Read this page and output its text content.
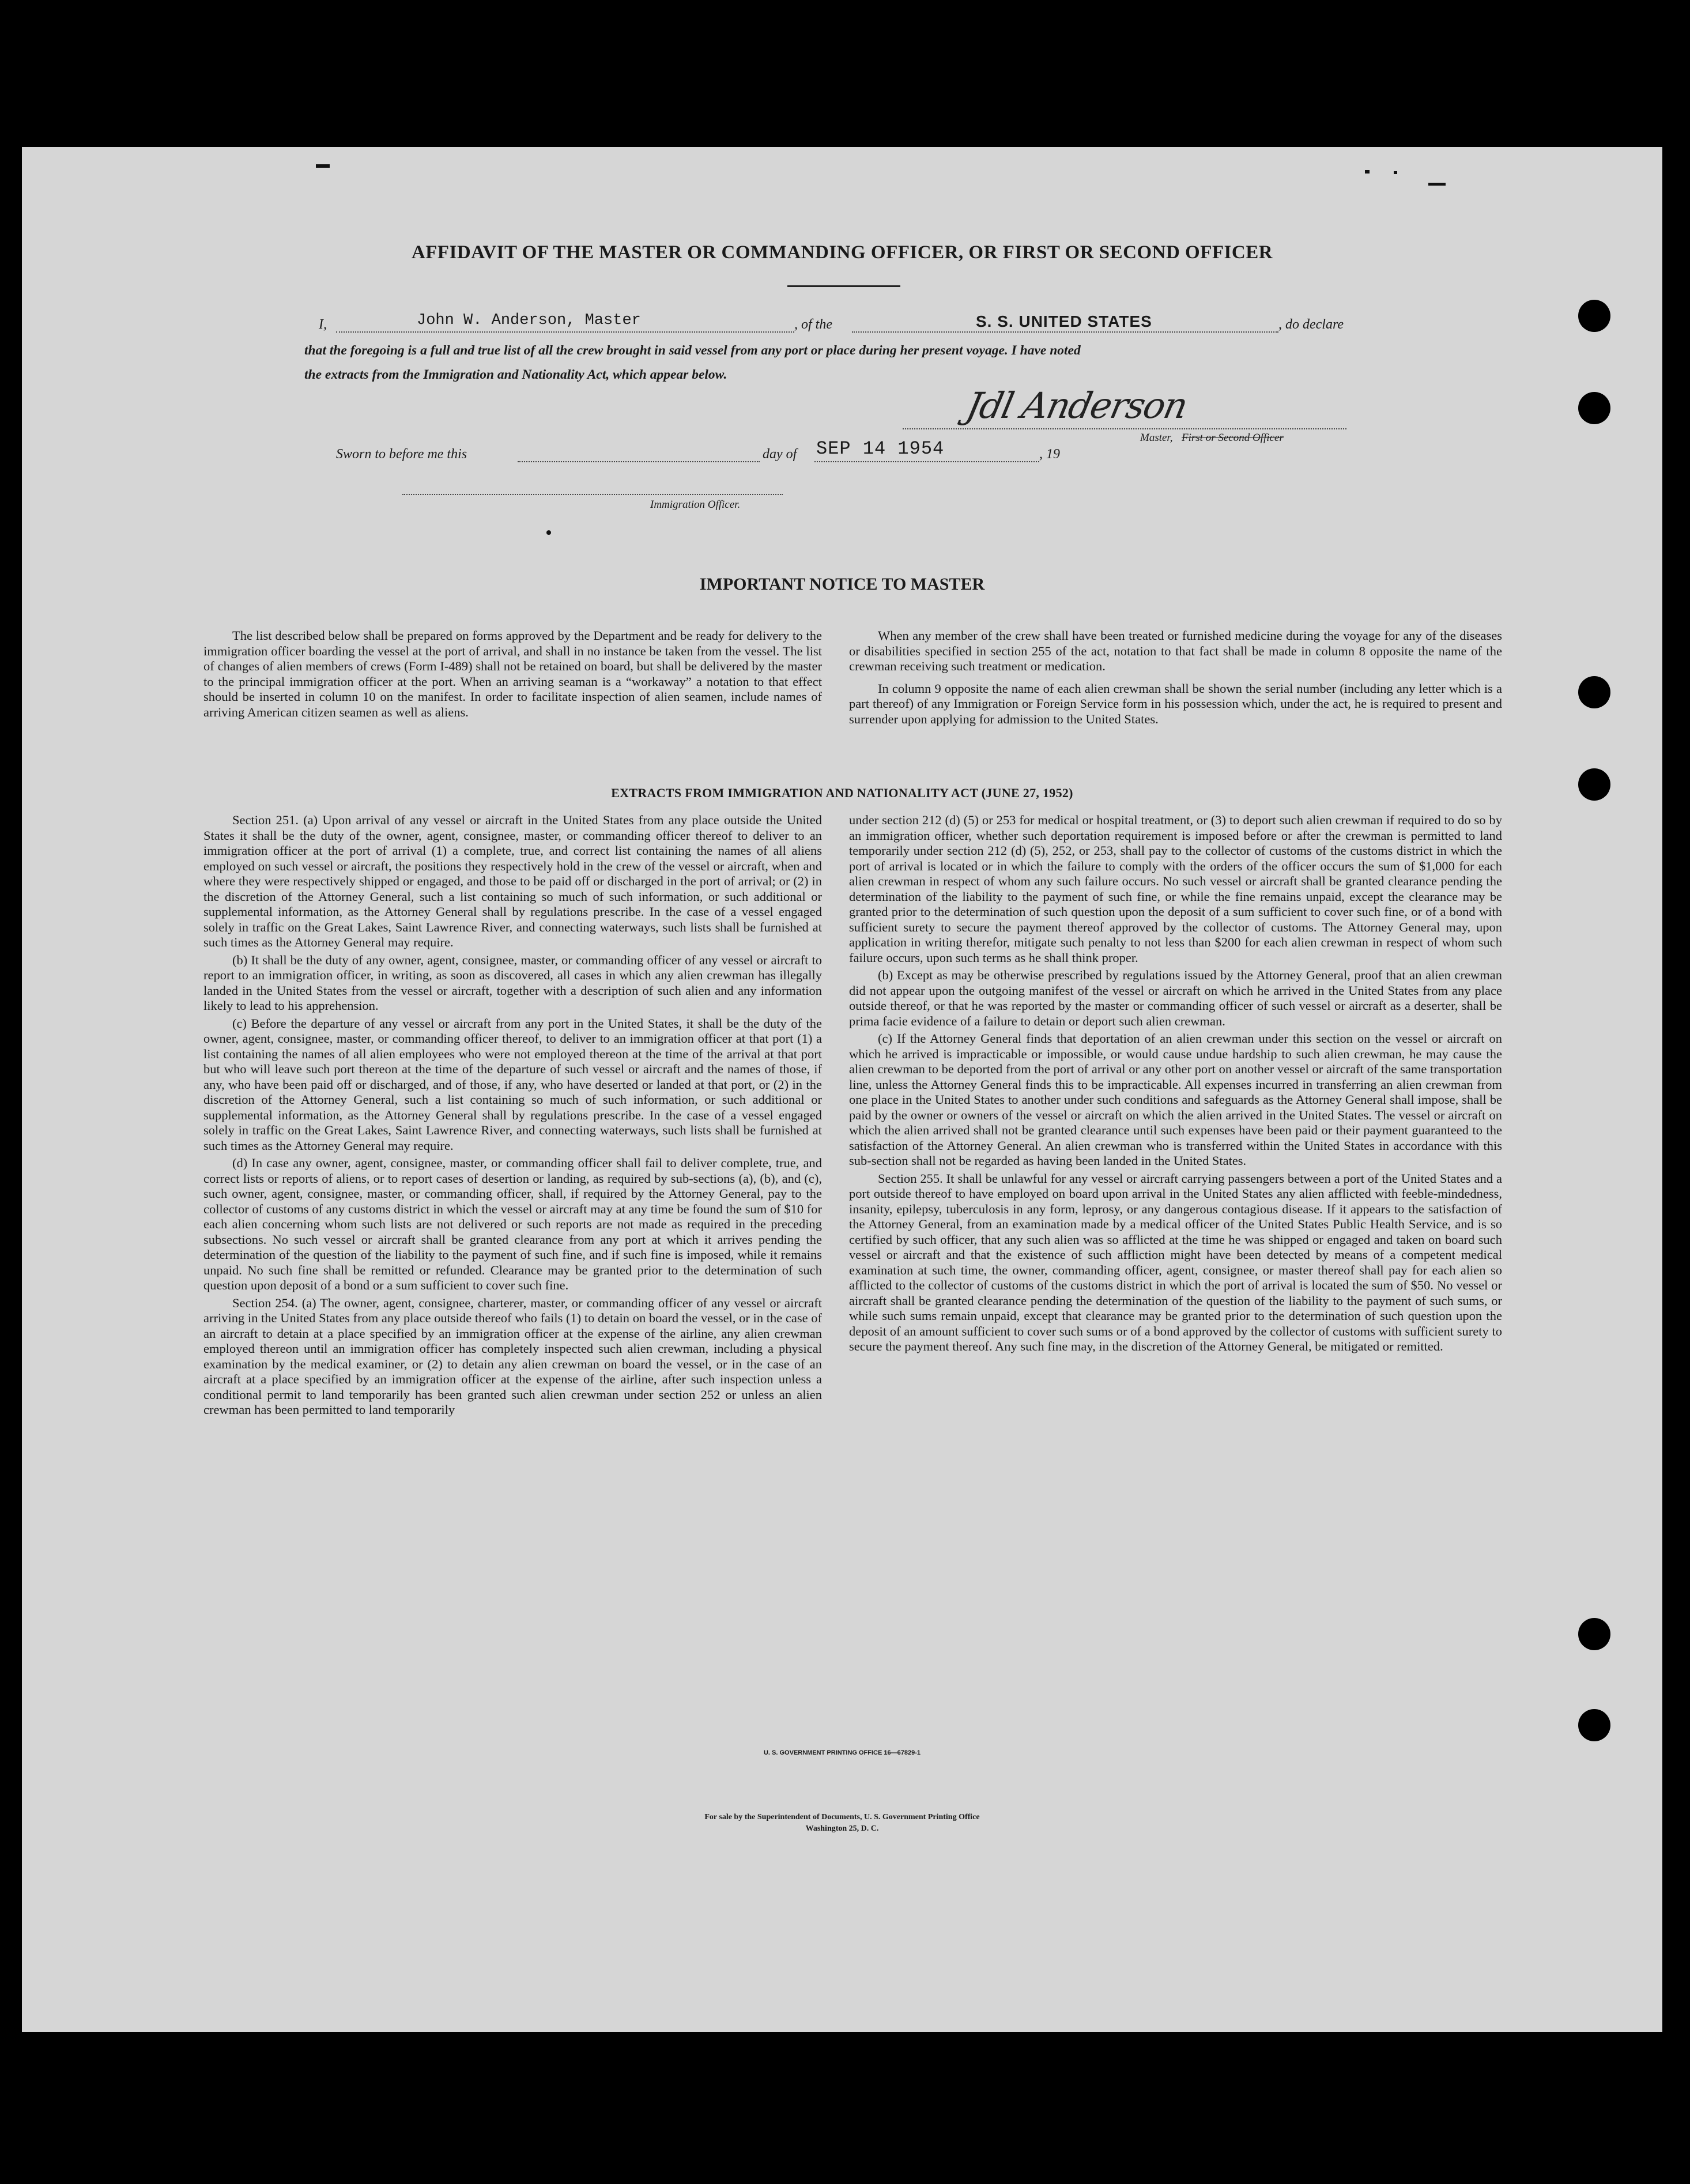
AFFIDAVIT OF THE MASTER OR COMMANDING OFFICER, OR FIRST OR SECOND OFFICER
I,	John W. Anderson, Master	, of the	S. S. UNITED STATES	, do declare
that the foregoing is a full and true list of all the crew brought in said vessel from any port or place during her present voyage. I have noted
the extracts from the Immigration and Nationality Act, which appear below.
Jdl Anderson
Master, First or Second Officer
Sworn to before me this	day of SEP 14 1954	, 19
Immigration Officer.
IMPORTANT NOTICE TO MASTER

The list described below shall be prepared on forms approved by the Department and be ready for delivery to the immigration officer boarding the vessel at the port of arrival, and shall in no instance be taken from the vessel. The list of changes of alien members of crews (Form I-489) shall not be retained on board, but shall be delivered by the master to the principal immigration officer at the port. When an arriving seaman is a “workaway” a notation to that effect should be inserted in column 10 on the manifest. In order to facilitate inspection of alien seamen, include names of arriving American citizen seamen as well as aliens.

When any member of the crew shall have been treated or furnished medicine during the voyage for any of the diseases or disabilities specified in section 255 of the act, notation to that fact shall be made in column 8 opposite the name of the crewman receiving such treatment or medication.

In column 9 opposite the name of each alien crewman shall be shown the serial number (including any letter which is a part thereof) of any Immigration or Foreign Service form in his possession which, under the act, he is required to present and surrender upon applying for admission to the United States.

EXTRACTS FROM IMMIGRATION AND NATIONALITY ACT (JUNE 27, 1952)

Section 251. (a) Upon arrival of any vessel or aircraft in the United States from any place outside the United States it shall be the duty of the owner, agent, consignee, master, or commanding officer thereof to deliver to an immigration officer at the port of arrival (1) a complete, true, and correct list containing the names of all aliens employed on such vessel or aircraft, the positions they respectively hold in the crew of the vessel or aircraft, when and where they were respectively shipped or engaged, and those to be paid off or discharged in the port of arrival; or (2) in the discretion of the Attorney General, such a list containing so much of such information, or such additional or supplemental information, as the Attorney General shall by regulations prescribe. In the case of a vessel engaged solely in traffic on the Great Lakes, Saint Lawrence River, and connecting waterways, such lists shall be furnished at such times as the Attorney General may require.

(b) It shall be the duty of any owner, agent, consignee, master, or commanding officer of any vessel or aircraft to report to an immigration officer, in writing, as soon as discovered, all cases in which any alien crewman has illegally landed in the United States from the vessel or aircraft, together with a description of such alien and any information likely to lead to his apprehension.

(c) Before the departure of any vessel or aircraft from any port in the United States, it shall be the duty of the owner, agent, consignee, master, or commanding officer thereof, to deliver to an immigration officer at that port (1) a list containing the names of all alien employees who were not employed thereon at the time of the arrival at that port but who will leave such port thereon at the time of the departure of such vessel or aircraft and the names of those, if any, who have been paid off or discharged, and of those, if any, who have deserted or landed at that port, or (2) in the discretion of the Attorney General, such a list containing so much of such information, or such additional or supplemental information, as the Attorney General shall by regulations prescribe. In the case of a vessel engaged solely in traffic on the Great Lakes, Saint Lawrence River, and connecting waterways, such lists shall be furnished at such times as the Attorney General may require.

(d) In case any owner, agent, consignee, master, or commanding officer shall fail to deliver complete, true, and correct lists or reports of aliens, or to report cases of desertion or landing, as required by sub-sections (a), (b), and (c), such owner, agent, consignee, master, or commanding officer, shall, if required by the Attorney General, pay to the collector of customs of any customs district in which the vessel or aircraft may at any time be found the sum of $10 for each alien concerning whom such lists are not delivered or such reports are not made as required in the preceding subsections. No such vessel or aircraft shall be granted clearance from any port at which it arrives pending the determination of the question of the liability to the payment of such fine, and if such fine is imposed, while it remains unpaid. No such fine shall be remitted or refunded. Clearance may be granted prior to the determination of such question upon deposit of a bond or a sum sufficient to cover such fine.

Section 254. (a) The owner, agent, consignee, charterer, master, or commanding officer of any vessel or aircraft arriving in the United States from any place outside thereof who fails (1) to detain on board the vessel, or in the case of an aircraft to detain at a place specified by an immigration officer at the expense of the airline, any alien crewman employed thereon until an immigration officer has completely inspected such alien crewman, including a physical examination by the medical examiner, or (2) to detain any alien crewman on board the vessel, or in the case of an aircraft at a place specified by an immigration officer at the expense of the airline, after such inspection unless a conditional permit to land temporarily has been granted such alien crewman under section 252 or unless an alien crewman has been permitted to land temporarily

under section 212 (d) (5) or 253 for medical or hospital treatment, or (3) to deport such alien crewman if required to do so by an immigration officer, whether such deportation requirement is imposed before or after the crewman is permitted to land temporarily under section 212 (d) (5), 252, or 253, shall pay to the collector of customs of the customs district in which the port of arrival is located or in which the failure to comply with the orders of the officer occurs the sum of $1,000 for each alien crewman in respect of whom any such failure occurs. No such vessel or aircraft shall be granted clearance pending the determination of the liability to the payment of such fine, or while the fine remains unpaid, except the clearance may be granted prior to the determination of such question upon the deposit of a sum sufficient to cover such fine, or of a bond with sufficient surety to secure the payment thereof approved by the collector of customs. The Attorney General may, upon application in writing therefor, mitigate such penalty to not less than $200 for each alien crewman in respect of whom such failure occurs, upon such terms as he shall think proper.

(b) Except as may be otherwise prescribed by regulations issued by the Attorney General, proof that an alien crewman did not appear upon the outgoing manifest of the vessel or aircraft on which he arrived in the United States from any place outside thereof, or that he was reported by the master or commanding officer of such vessel or aircraft as a deserter, shall be prima facie evidence of a failure to detain or deport such alien crewman.

(c) If the Attorney General finds that deportation of an alien crewman under this section on the vessel or aircraft on which he arrived is impracticable or impossible, or would cause undue hardship to such alien crewman, he may cause the alien crewman to be deported from the port of arrival or any other port on another vessel or aircraft of the same transportation line, unless the Attorney General finds this to be impracticable. All expenses incurred in transferring an alien crewman from one place in the United States to another under such conditions and safeguards as the Attorney General shall impose, shall be paid by the owner or owners of the vessel or aircraft on which the alien arrived in the United States. The vessel or aircraft on which the alien arrived shall not be granted clearance until such expenses have been paid or their payment guaranteed to the satisfaction of the Attorney General. An alien crewman who is transferred within the United States in accordance with this sub-section shall not be regarded as having been landed in the United States.

Section 255. It shall be unlawful for any vessel or aircraft carrying passengers between a port of the United States and a port outside thereof to have employed on board upon arrival in the United States any alien afflicted with feeble-mindedness, insanity, epilepsy, tuberculosis in any form, leprosy, or any dangerous contagious disease. If it appears to the satisfaction of the Attorney General, from an examination made by a medical officer of the United States Public Health Service, and is so certified by such officer, that any such alien was so afflicted at the time he was shipped or engaged and taken on board such vessel or aircraft and that the existence of such affliction might have been detected by means of a competent medical examination at such time, the owner, commanding officer, agent, consignee, or master thereof shall pay for each alien so afflicted to the collector of customs of the customs district in which the port of arrival is located the sum of $50. No vessel or aircraft shall be granted clearance pending the determination of the question of the liability to the payment of such sums, or while such sums remain unpaid, except that clearance may be granted prior to the determination of such question upon the deposit of an amount sufficient to cover such sums or of a bond approved by the collector of customs with sufficient surety to secure the payment thereof. Any such fine may, in the discretion of the Attorney General, be mitigated or remitted.

U. S. GOVERNMENT PRINTING OFFICE 16—67829-1
For sale by the Superintendent of Documents, U. S. Government Printing Office
Washington 25, D. C.
